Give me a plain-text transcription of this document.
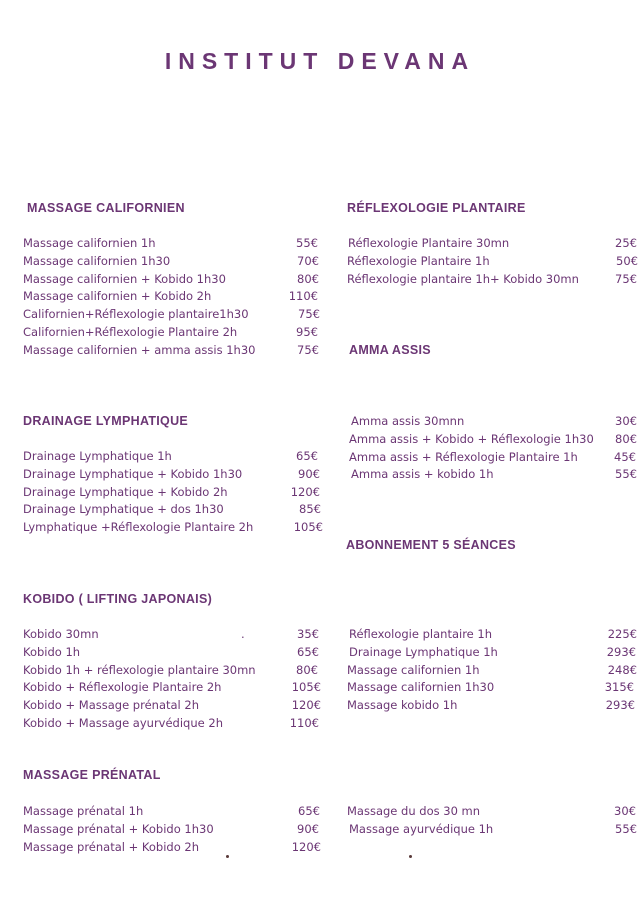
INSTITUT DEVANA
MASSAGE CALIFORNIEN
Massage californien 1h	55€
Massage californien 1h30	70€
Massage californien + Kobido 1h30	80€
Massage californien + Kobido 2h	110€
Californien+Réflexologie plantaire1h30	75€
Californien+Réflexologie Plantaire 2h	95€
Massage californien + amma assis 1h30	75€
DRAINAGE LYMPHATIQUE
Drainage Lymphatique 1h	65€
Drainage Lymphatique + Kobido 1h30	90€
Drainage Lymphatique + Kobido 2h	120€
Drainage Lymphatique + dos 1h30	85€
Lymphatique +Réflexologie Plantaire 2h	105€
KOBIDO ( LIFTING JAPONAIS)
Kobido 30mn	.	35€
Kobido 1h	65€
Kobido 1h + réflexologie plantaire 30mn	80€
Kobido + Réflexologie Plantaire 2h	105€
Kobido + Massage prénatal 2h	120€
Kobido + Massage ayurvédique 2h	110€
MASSAGE PRÉNATAL
Massage prénatal 1h	65€
Massage prénatal + Kobido 1h30	90€
Massage prénatal + Kobido 2h	120€
RÉFLEXOLOGIE PLANTAIRE
Réflexologie Plantaire 30mn	25€
Réflexologie Plantaire 1h	50€
Réflexologie plantaire 1h+ Kobido 30mn	75€
AMMA ASSIS
Amma assis 30mnn	30€
Amma assis + Kobido + Réflexologie 1h30	80€
Amma assis + Réflexologie Plantaire 1h	45€
Amma assis + kobido 1h	55€
ABONNEMENT 5 SÉANCES
Réflexologie plantaire 1h	225€
Drainage Lymphatique 1h	293€
Massage californien 1h	248€
Massage californien 1h30	315€
Massage kobido 1h	293€
Massage du dos 30 mn	30€
Massage ayurvédique 1h	55€
